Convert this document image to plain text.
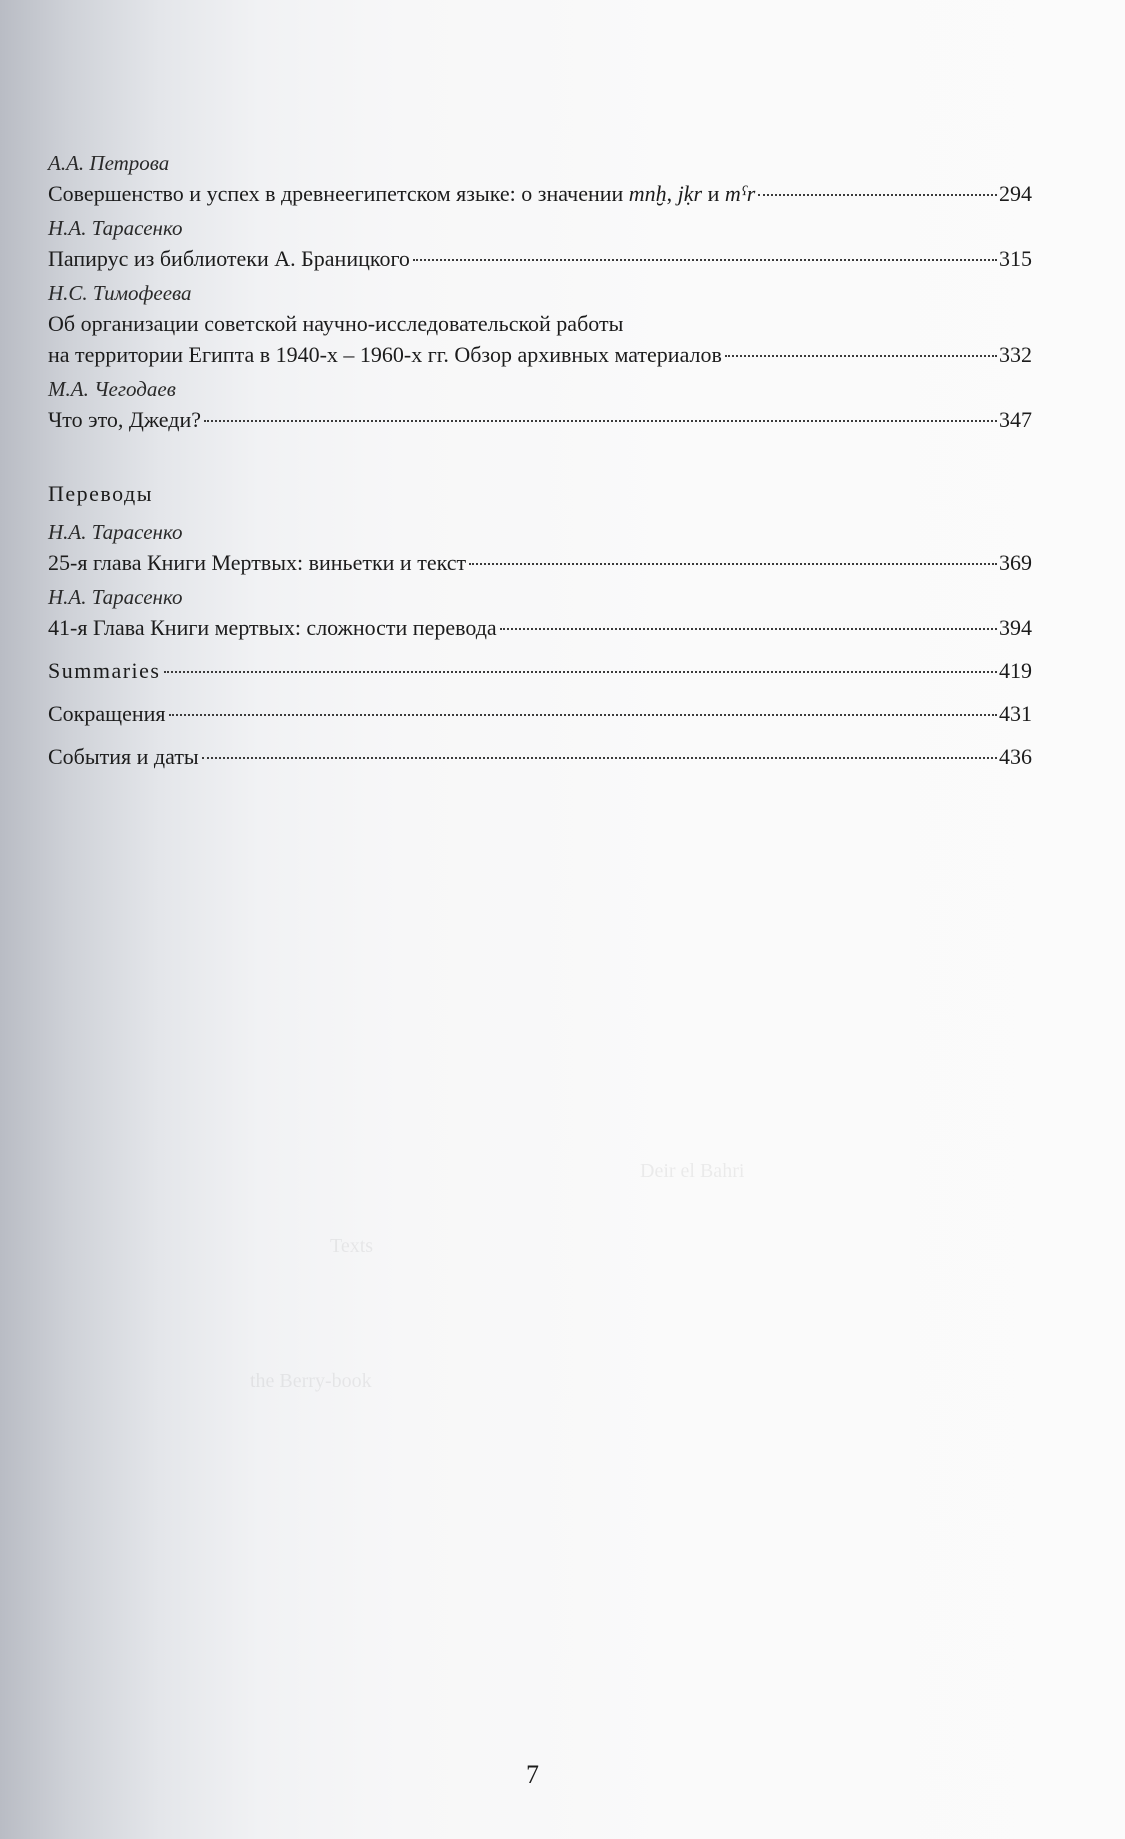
Deir el Bahri
Texts
the Berry-book
А.А. Петрова
Совершенство и успех в древнеегипетском языке: о значении mnḫ, jḳr и mˁr	294
Н.А. Тарасенко
Папирус из библиотеки А. Браницкого	315
Н.С. Тимофеева
Об организации советской научно-исследовательской работы
на территории Египта в 1940-х – 1960-х гг. Обзор архивных материалов	332
М.А. Чегодаев
Что это, Джеди?	347
Переводы
Н.А. Тарасенко
25-я глава Книги Мертвых: виньетки и текст	369
Н.А. Тарасенко
41-я Глава Книги мертвых: сложности перевода	394
Summaries	419
Сокращения	431
События и даты	436
7
